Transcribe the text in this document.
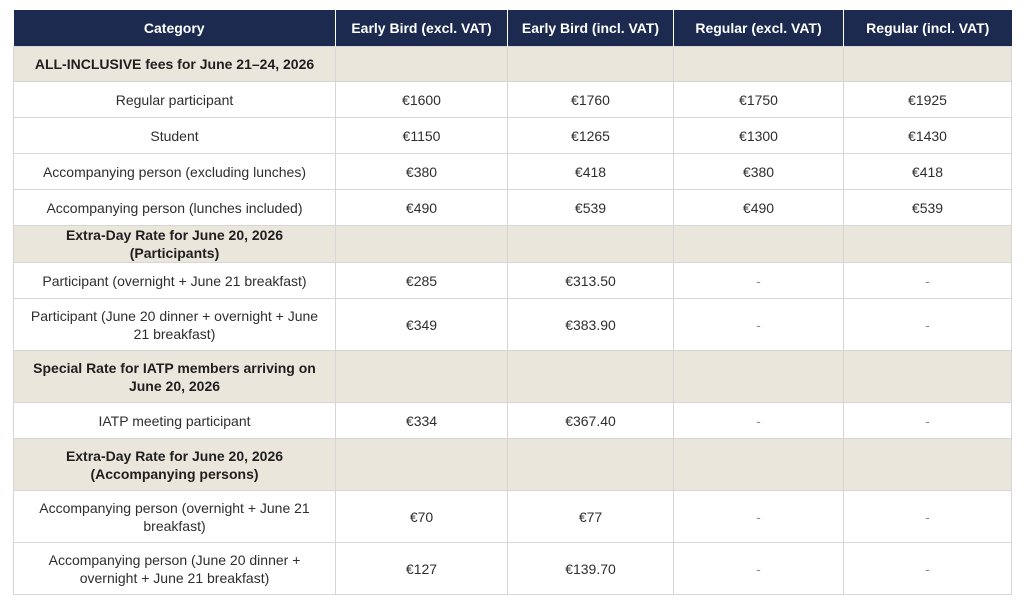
Category	Early Bird (excl. VAT)	Early Bird (incl. VAT)	Regular (excl. VAT)	Regular (incl. VAT)
ALL-INCLUSIVE fees for June 21–24, 2026				
Regular participant	€1600	€1760	€1750	€1925
Student	€1150	€1265	€1300	€1430
Accompanying person (excluding lunches)	€380	€418	€380	€418
Accompanying person (lunches included)	€490	€539	€490	€539
Extra-Day Rate for June 20, 2026 (Participants)				
Participant (overnight + June 21 breakfast)	€285	€313.50	-	-
Participant (June 20 dinner + overnight + June 21 breakfast)	€349	€383.90	-	-
Special Rate for IATP members arriving on June 20, 2026				
IATP meeting participant	€334	€367.40	-	-
Extra-Day Rate for June 20, 2026 (Accompanying persons)				
Accompanying person (overnight + June 21 breakfast)	€70	€77	-	-
Accompanying person (June 20 dinner + overnight + June 21 breakfast)	€127	€139.70	-	-
